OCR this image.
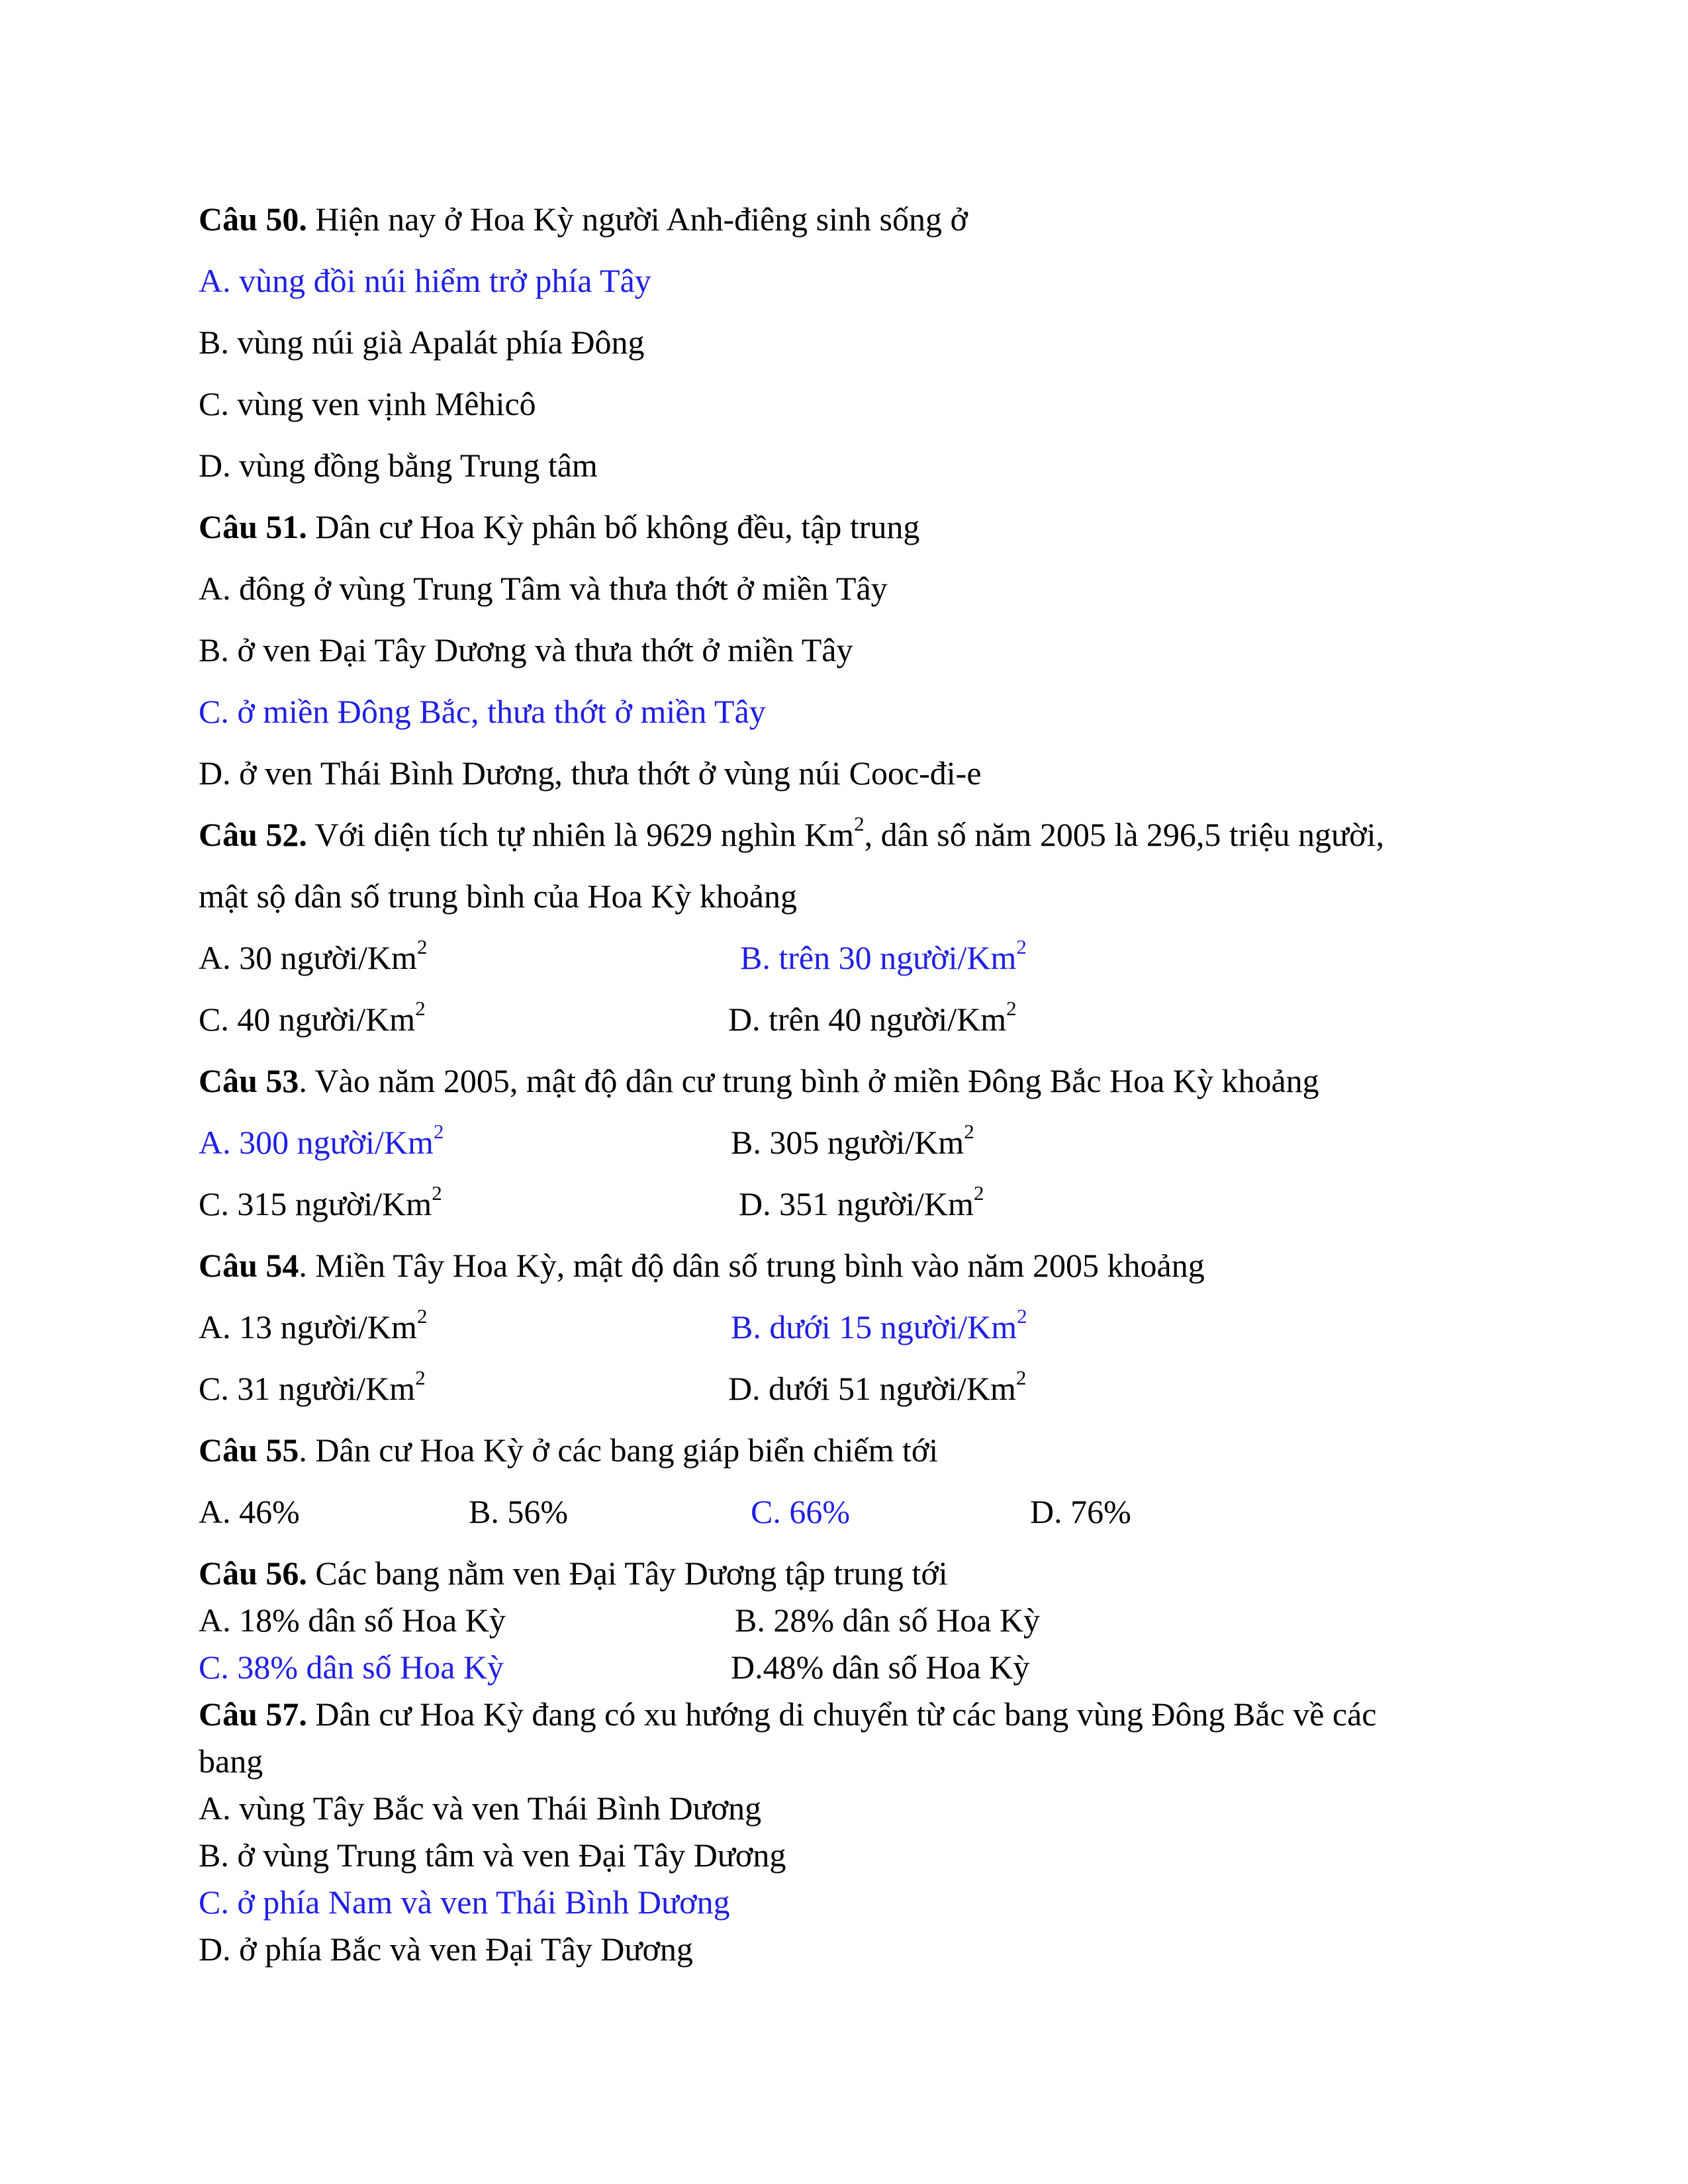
Câu 50. Hiện nay ở Hoa Kỳ người Anh-điêng sinh sống ở
A. vùng đồi núi hiểm trở phía Tây
B. vùng núi già Apalát phía Đông
C. vùng ven vịnh Mêhicô
D. vùng đồng bằng Trung tâm
Câu 51. Dân cư Hoa Kỳ phân bố không đều, tập trung
A. đông ở vùng Trung Tâm và thưa thớt ở miền Tây
B. ở ven Đại Tây Dương và thưa thớt ở miền Tây
C. ở miền Đông Bắc, thưa thớt ở miền Tây
D. ở ven Thái Bình Dương, thưa thớt ở vùng núi Cooc-đi-e
Câu 52. Với diện tích tự nhiên là 9629 nghìn Km$^2$, dân số năm 2005 là 296,5 triệu người,
mật sộ dân số trung bình của Hoa Kỳ khoảng
A. 30 người/Km$^2$	B. trên 30 người/Km$^2$
C. 40 người/Km$^2$	D. trên 40 người/Km$^2$
Câu 53. Vào năm 2005, mật độ dân cư trung bình ở miền Đông Bắc Hoa Kỳ khoảng
A. 300 người/Km$^2$	B. 305 người/Km$^2$
C. 315 người/Km$^2$	D. 351 người/Km$^2$
Câu 54. Miền Tây Hoa Kỳ, mật độ dân số trung bình vào năm 2005 khoảng
A. 13 người/Km$^2$	B. dưới 15 người/Km$^2$
C. 31 người/Km$^2$	D. dưới 51 người/Km$^2$
Câu 55. Dân cư Hoa Kỳ ở các bang giáp biển chiếm tới
A. 46%	B. 56%	C. 66%	D. 76%
Câu 56. Các bang nằm ven Đại Tây Dương tập trung tới
A. 18% dân số Hoa Kỳ	B. 28% dân số Hoa Kỳ
C. 38% dân số Hoa Kỳ	D.48% dân số Hoa Kỳ
Câu 57. Dân cư Hoa Kỳ đang có xu hướng di chuyển từ các bang vùng Đông Bắc về các
bang
A. vùng Tây Bắc và ven Thái Bình Dương
B. ở vùng Trung tâm và ven Đại Tây Dương
C. ở phía Nam và ven Thái Bình Dương
D. ở phía Bắc và ven Đại Tây Dương
